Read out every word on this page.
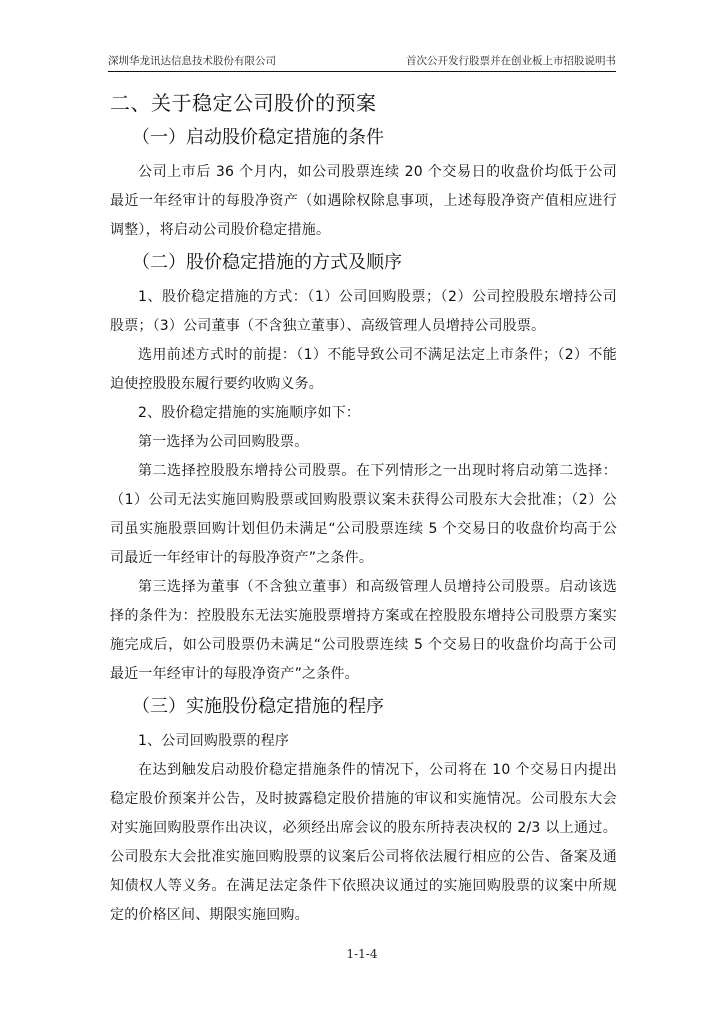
深圳华龙讯达信息技术股份有限公司	首次公开发行股票并在创业板上市招股说明书
二、关于稳定公司股价的预案
（一）启动股价稳定措施的条件

公司上市后 36 个月内，如公司股票连续 20 个交易日的收盘价均低于公司最近一年经审计的每股净资产（如遇除权除息事项，上述每股净资产值相应进行调整），将启动公司股价稳定措施。

（二）股价稳定措施的方式及顺序

1、股价稳定措施的方式：（1）公司回购股票；（2）公司控股股东增持公司股票；（3）公司董事（不含独立董事）、高级管理人员增持公司股票。

选用前述方式时的前提：（1）不能导致公司不满足法定上市条件；（2）不能迫使控股股东履行要约收购义务。

2、股价稳定措施的实施顺序如下：

第一选择为公司回购股票。

第二选择控股股东增持公司股票。在下列情形之一出现时将启动第二选择：（1）公司无法实施回购股票或回购股票议案未获得公司股东大会批准；（2）公司虽实施股票回购计划但仍未满足“公司股票连续 5 个交易日的收盘价均高于公司最近一年经审计的每股净资产”之条件。

第三选择为董事（不含独立董事）和高级管理人员增持公司股票。启动该选择的条件为：控股股东无法实施股票增持方案或在控股股东增持公司股票方案实施完成后，如公司股票仍未满足“公司股票连续 5 个交易日的收盘价均高于公司最近一年经审计的每股净资产”之条件。

（三）实施股份稳定措施的程序

1、公司回购股票的程序

在达到触发启动股价稳定措施条件的情况下，公司将在 10 个交易日内提出稳定股价预案并公告，及时披露稳定股价措施的审议和实施情况。公司股东大会对实施回购股票作出决议，必须经出席会议的股东所持表决权的 2/3 以上通过。公司股东大会批准实施回购股票的议案后公司将依法履行相应的公告、备案及通知债权人等义务。在满足法定条件下依照决议通过的实施回购股票的议案中所规定的价格区间、期限实施回购。

1-1-4
